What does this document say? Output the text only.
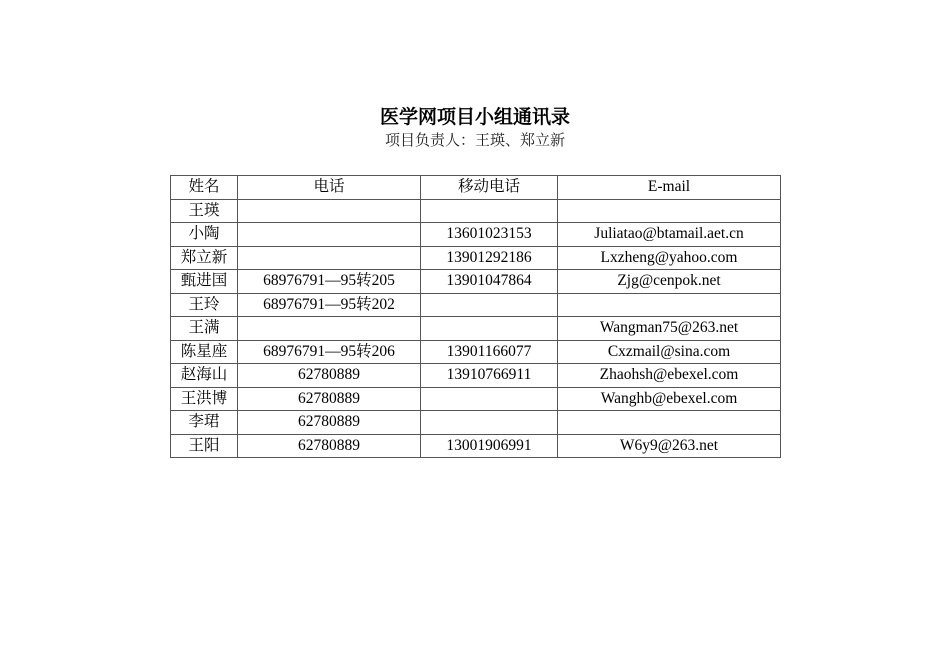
医学网项目小组通讯录
项目负责人：王瑛、郑立新
姓名	电话	移动电话	E-mail
王瑛			
小陶		13601023153	Juliatao@btamail.aet.cn
郑立新		13901292186	Lxzheng@yahoo.com
甄进国	68976791—95转205	13901047864	Zjg@cenpok.net
王玲	68976791—95转202		
王满			Wangman75@263.net
陈星座	68976791—95转206	13901166077	Cxzmail@sina.com
赵海山	62780889	13910766911	Zhaohsh@ebexel.com
王洪博	62780889		Wanghb@ebexel.com
李珺	62780889		
王阳	62780889	13001906991	W6y9@263.net
